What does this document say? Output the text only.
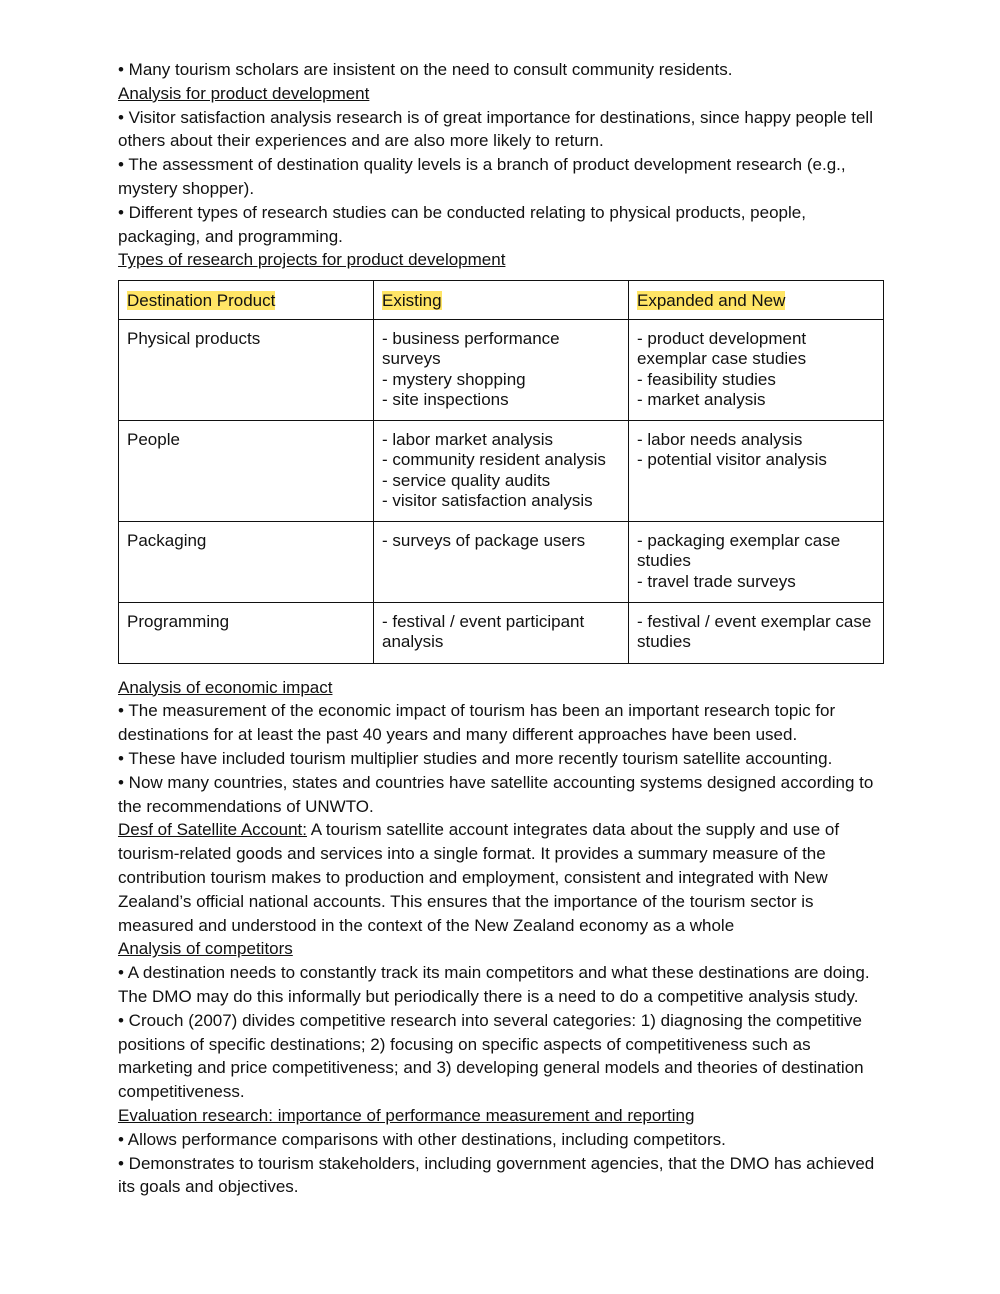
• Many tourism scholars are insistent on the need to consult community residents.

Analysis for product development

• Visitor satisfaction analysis research is of great importance for destinations, since happy people tell others about their experiences and are also more likely to return.

• The assessment of destination quality levels is a branch of product development research (e.g., mystery shopper).

• Different types of research studies can be conducted relating to physical products, people, packaging, and programming.

Types of research projects for product development

Destination Product	Existing	Expanded and New
Physical products	- business performance surveys
- mystery shopping
- site inspections	- product development exemplar case studies
- feasibility studies
- market analysis

People	- labor market analysis
- community resident analysis
- service quality audits
- visitor satisfaction analysis	- labor needs analysis
- potential visitor analysis

Packaging	- surveys of package users	- packaging exemplar case studies
- travel trade surveys

Programming	- festival / event participant analysis	- festival / event exemplar case studies

Analysis of economic impact

• The measurement of the economic impact of tourism has been an important research topic for destinations for at least the past 40 years and many different approaches have been used.

• These have included tourism multiplier studies and more recently tourism satellite accounting.

• Now many countries, states and countries have satellite accounting systems designed according to the recommendations of UNWTO.

Desf of Satellite Account: A tourism satellite account integrates data about the supply and use of tourism-related goods and services into a single format. It provides a summary measure of the contribution tourism makes to production and employment, consistent and integrated with New Zealand’s official national accounts. This ensures that the importance of the tourism sector is measured and understood in the context of the New Zealand economy as a whole

Analysis of competitors

• A destination needs to constantly track its main competitors and what these destinations are doing. The DMO may do this informally but periodically there is a need to do a competitive analysis study.

• Crouch (2007) divides competitive research into several categories: 1) diagnosing the competitive positions of specific destinations; 2) focusing on specific aspects of competitiveness such as marketing and price competitiveness; and 3) developing general models and theories of destination competitiveness.

Evaluation research: importance of performance measurement and reporting

• Allows performance comparisons with other destinations, including competitors.

• Demonstrates to tourism stakeholders, including government agencies, that the DMO has achieved its goals and objectives.
